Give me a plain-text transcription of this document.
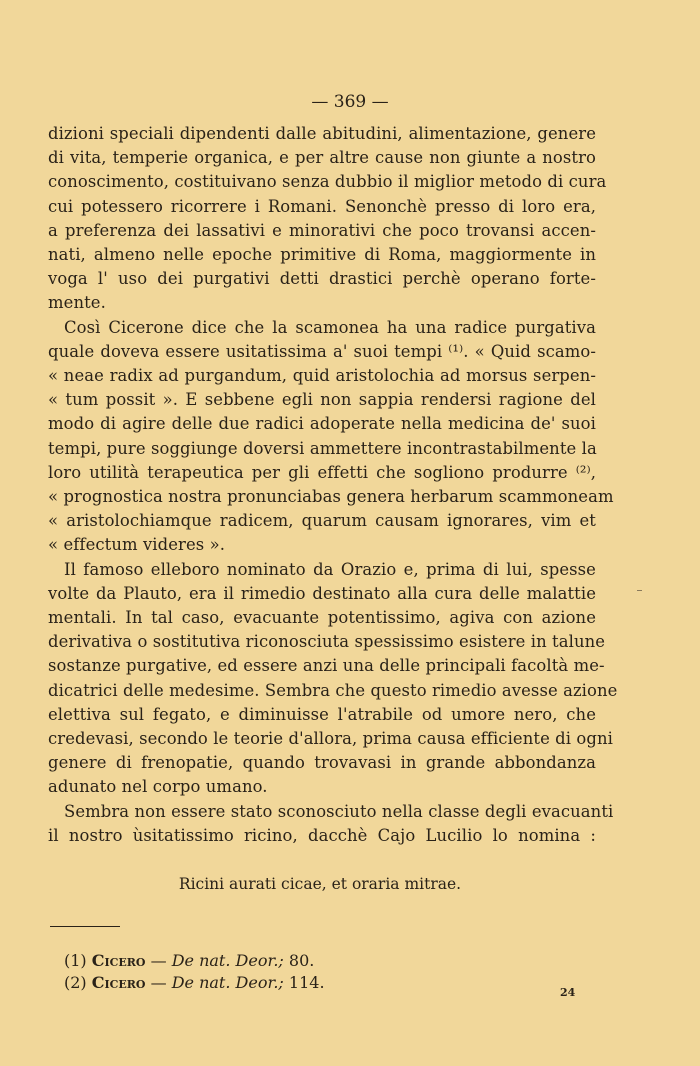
— 369 —
dizioni speciali dipendenti dalle abitudini, alimentazione, genere
di vita, temperie organica, e per altre cause non giunte a nostro
conoscimento, costituivano senza dubbio il miglior metodo di cura
cui potessero ricorrere i Romani. Senonchè presso di loro era,
a preferenza dei lassativi e minorativi che poco trovansi accen-
nati, almeno nelle epoche primitive di Roma, maggiormente in
voga l' uso dei purgativi detti drastici perchè operano forte-
mente.
Così Cicerone dice che la scamonea ha una radice purgativa
quale doveva essere usitatissima a' suoi tempi ⁽¹⁾. « Quid scamo-
« neae radix ad purgandum, quid aristolochia ad morsus serpen-
« tum possit ». E sebbene egli non sappia rendersi ragione del
modo di agire delle due radici adoperate nella medicina de' suoi
tempi, pure soggiunge doversi ammettere incontrastabilmente la
loro utilità terapeutica per gli effetti che sogliono produrre ⁽²⁾,
« prognostica nostra pronunciabas genera herbarum scammoneam
« aristolochiamque radicem, quarum causam ignorares, vim et
« effectum videres ».
Il famoso elleboro nominato da Orazio e, prima di lui, spesse
volte da Plauto, era il rimedio destinato alla cura delle malattie
mentali. In tal caso, evacuante potentissimo, agiva con azione
derivativa o sostitutiva riconosciuta spessissimo esistere in talune
sostanze purgative, ed essere anzi una delle principali facoltà me-
dicatrici delle medesime. Sembra che questo rimedio avesse azione
elettiva sul fegato, e diminuisse l'atrabile od umore nero, che
credevasi, secondo le teorie d'allora, prima causa efficiente di ogni
genere di frenopatie, quando trovavasi in grande abbondanza
adunato nel corpo umano.
Sembra non essere stato sconosciuto nella classe degli evacuanti
il nostro ùsitatissimo ricino, dacchè Cajo Lucilio lo nomina :
Ricini aurati cicae, et oraria mitrae.
(1) Cicero — De nat. Deor.; 80.
(2) Cicero — De nat. Deor.; 114.
24
